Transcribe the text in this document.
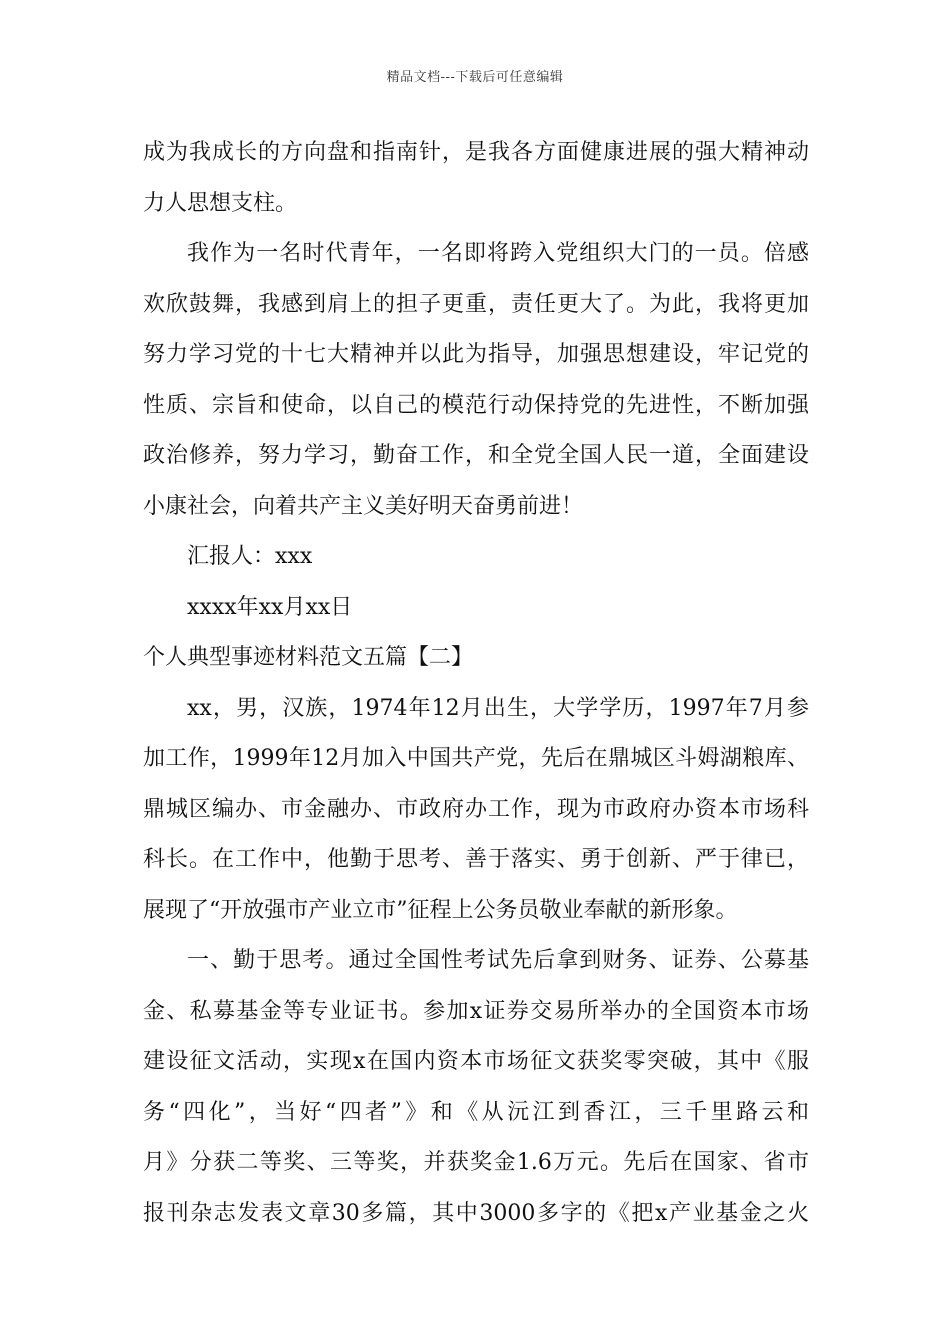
精品文档---下载后可任意编辑
成为我成长的方向盘和指南针，是我各方面健康进展的强大精神动
力人思想支柱。
我作为一名时代青年，一名即将跨入党组织大门的一员。倍感
欢欣鼓舞，我感到肩上的担子更重，责任更大了。为此，我将更加
努力学习党的十七大精神并以此为指导，加强思想建设，牢记党的
性质、宗旨和使命，以自己的模范行动保持党的先进性，不断加强
政治修养，努力学习，勤奋工作，和全党全国人民一道，全面建设
小康社会，向着共产主义美好明天奋勇前进！
汇报人：xxx
xxxx年xx月xx日
个人典型事迹材料范文五篇【二】
xx，男，汉族，1974年12月出生，大学学历，1997年7月参
加工作，1999年12月加入中国共产党，先后在鼎城区斗姆湖粮库、
鼎城区编办、市金融办、市政府办工作，现为市政府办资本市场科
科长。在工作中，他勤于思考、善于落实、勇于创新、严于律已，
展现了“开放强市产业立市”征程上公务员敬业奉献的新形象。
一、勤于思考。通过全国性考试先后拿到财务、证券、公募基
金、私募基金等专业证书。参加x证券交易所举办的全国资本市场
建设征文活动，实现x在国内资本市场征文获奖零突破，其中《服
务“四化”，当好“四者”》和《从沅江到香江，三千里路云和
月》分获二等奖、三等奖，并获奖金1.6万元。先后在国家、省市
报刊杂志发表文章30多篇，其中3000多字的《把x产业基金之火
